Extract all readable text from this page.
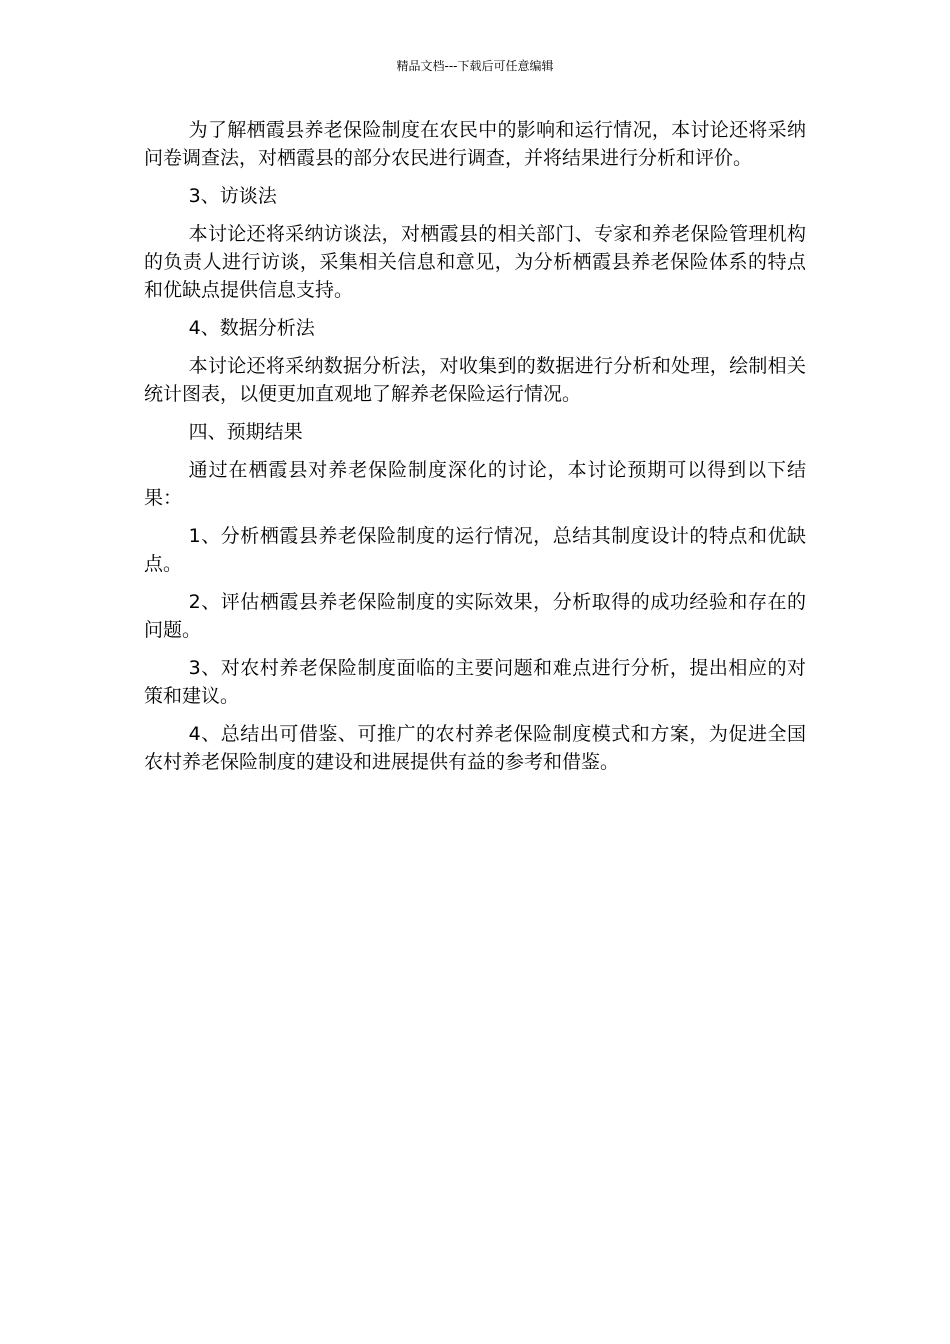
精品文档---下载后可任意编辑

为了解栖霞县养老保险制度在农民中的影响和运行情况，本讨论还将采纳问卷调查法，对栖霞县的部分农民进行调查，并将结果进行分析和评价。

3、访谈法

本讨论还将采纳访谈法，对栖霞县的相关部门、专家和养老保险管理机构的负责人进行访谈，采集相关信息和意见，为分析栖霞县养老保险体系的特点和优缺点提供信息支持。

4、数据分析法

本讨论还将采纳数据分析法，对收集到的数据进行分析和处理，绘制相关统计图表，以便更加直观地了解养老保险运行情况。

四、预期结果

通过在栖霞县对养老保险制度深化的讨论，本讨论预期可以得到以下结果：

1、分析栖霞县养老保险制度的运行情况，总结其制度设计的特点和优缺点。

2、评估栖霞县养老保险制度的实际效果，分析取得的成功经验和存在的问题。

3、对农村养老保险制度面临的主要问题和难点进行分析，提出相应的对策和建议。

4、总结出可借鉴、可推广的农村养老保险制度模式和方案，为促进全国农村养老保险制度的建设和进展提供有益的参考和借鉴。
